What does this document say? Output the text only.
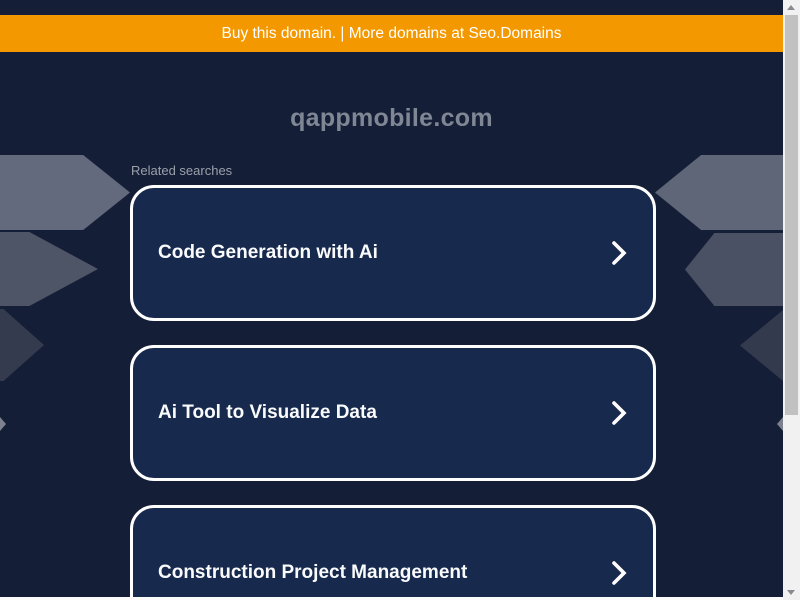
Buy this domain. | More domains at Seo.Domains
qappmobile.com
Related searches
Code Generation with Ai
Ai Tool to Visualize Data
Construction Project Management
